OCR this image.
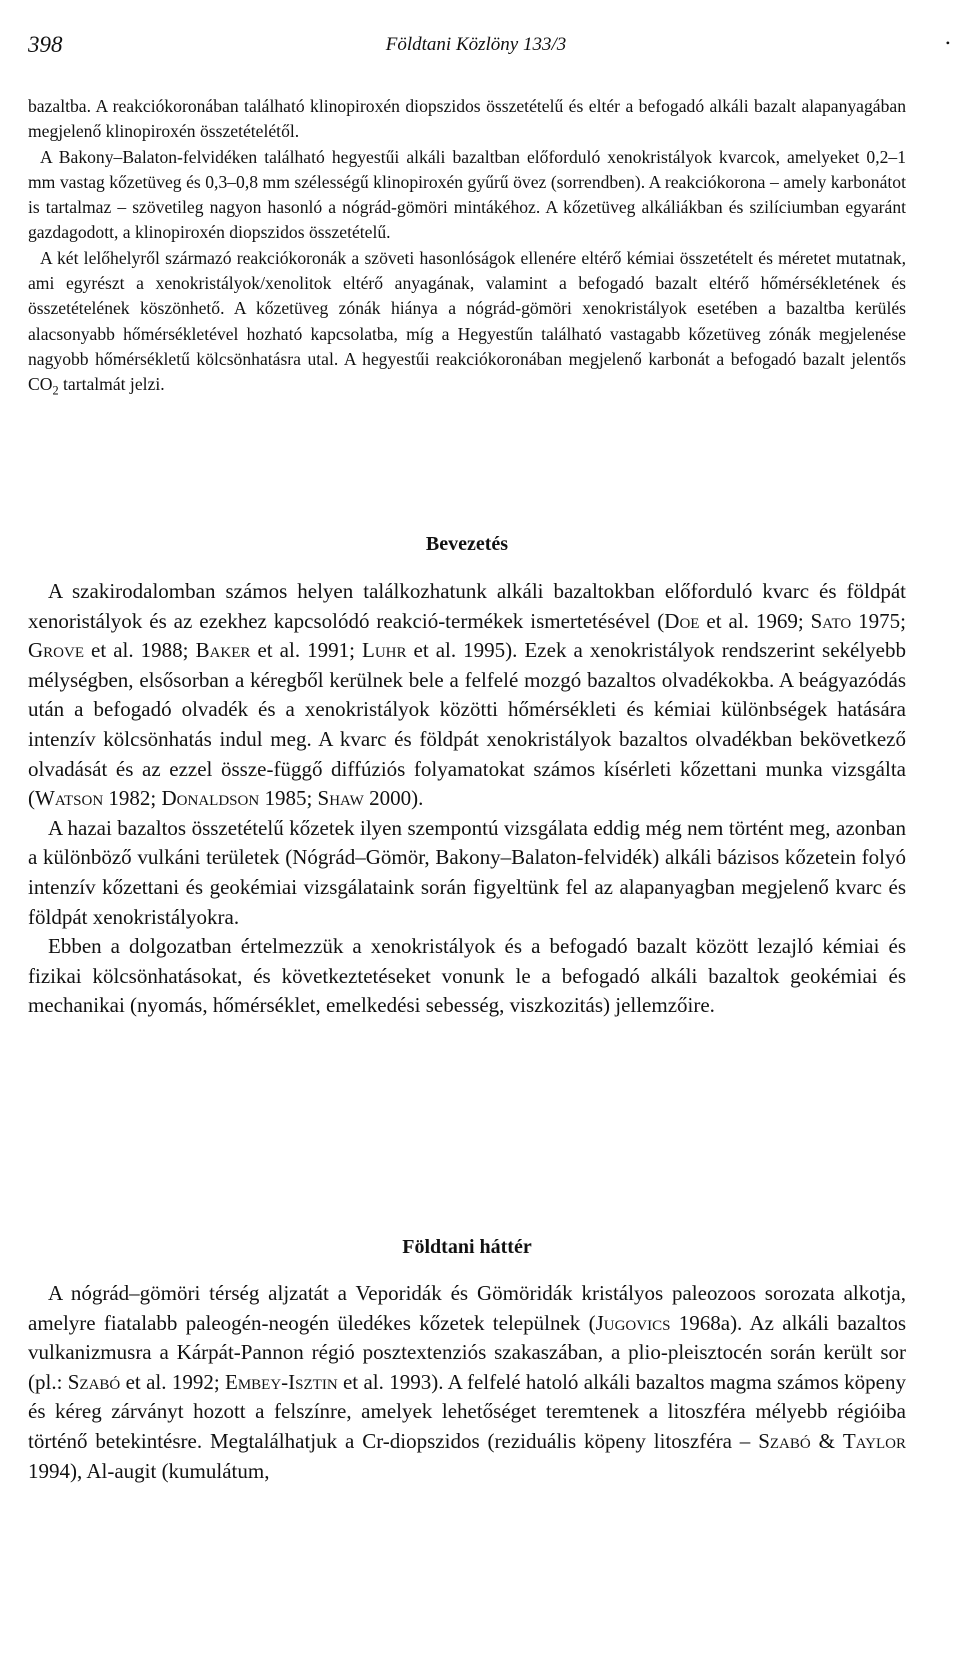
398	Földtani Közlöny 133/3	•

bazaltba. A reakciókoronában található klinopiroxén diopszidos összetételű és eltér a befogadó alkáli bazalt alapanyagában megjelenő klinopiroxén összetételétől.

A Bakony–Balaton-felvidéken található hegyestűi alkáli bazaltban előforduló xenokristályok kvarcok, amelyeket 0,2–1 mm vastag kőzetüveg és 0,3–0,8 mm szélességű klinopiroxén gyűrű övez (sorrendben). A reakciókorona – amely karbonátot is tartalmaz – szövetileg nagyon hasonló a nógrád-gömöri mintákéhoz. A kőzetüveg alkáliákban és szilíciumban egyaránt gazdagodott, a klinopiroxén diopszidos összetételű.

A két lelőhelyről származó reakciókoronák a szöveti hasonlóságok ellenére eltérő kémiai összetételt és méretet mutatnak, ami egyrészt a xenokristályok/xenolitok eltérő anyagának, valamint a befogadó bazalt eltérő hőmérsékletének és összetételének köszönhető. A kőzetüveg zónák hiánya a nógrád-gömöri xenokristályok esetében a bazaltba kerülés alacsonyabb hőmérsékletével hozható kapcsolatba, míg a Hegyestűn található vastagabb kőzetüveg zónák megjelenése nagyobb hőmérsékletű kölcsönhatásra utal. A hegyestűi reakciókoronában megjelenő karbonát a befogadó bazalt jelentős $CO_2$ tartalmát jelzi.

Bevezetés

A szakirodalomban számos helyen találkozhatunk alkáli bazaltokban előforduló kvarc és földpát xenoristályok és az ezekhez kapcsolódó reakció-termékek ismertetésével (Doe et al. 1969; Sato 1975; Grove et al. 1988; Baker et al. 1991; Luhr et al. 1995). Ezek a xenokristályok rendszerint sekélyebb mélységben, elsősorban a kéregből kerülnek bele a felfelé mozgó bazaltos olvadékokba. A beágyazódás után a befogadó olvadék és a xenokristályok közötti hőmérsékleti és kémiai különbségek hatására intenzív kölcsönhatás indul meg. A kvarc és földpát xenokristályok bazaltos olvadékban bekövetkező olvadását és az ezzel össze-függő diffúziós folyamatokat számos kísérleti kőzettani munka vizsgálta (Watson 1982; Donaldson 1985; Shaw 2000).

A hazai bazaltos összetételű kőzetek ilyen szempontú vizsgálata eddig még nem történt meg, azonban a különböző vulkáni területek (Nógrád–Gömör, Bakony–Balaton-felvidék) alkáli bázisos kőzetein folyó intenzív kőzettani és geokémiai vizsgálataink során figyeltünk fel az alapanyagban megjelenő kvarc és földpát xenokristályokra.

Ebben a dolgozatban értelmezzük a xenokristályok és a befogadó bazalt között lezajló kémiai és fizikai kölcsönhatásokat, és következtetéseket vonunk le a befogadó alkáli bazaltok geokémiai és mechanikai (nyomás, hőmérséklet, emelkedési sebesség, viszkozitás) jellemzőire.

Földtani háttér

A nógrád–gömöri térség aljzatát a Veporidák és Gömöridák kristályos paleozoos sorozata alkotja, amelyre fiatalabb paleogén-neogén üledékes kőzetek települnek (Jugovics 1968a). Az alkáli bazaltos vulkanizmusra a Kárpát-Pannon régió posztextenziós szakaszában, a plio-pleisztocén során került sor (pl.: Szabó et al. 1992; Embey-Isztin et al. 1993). A felfelé hatoló alkáli bazaltos magma számos köpeny és kéreg zárványt hozott a felszínre, amelyek lehetőséget teremtenek a litoszféra mélyebb régióiba történő betekintésre. Megtalálhatjuk a Cr-diopszidos (reziduális köpeny litoszféra – Szabó & Taylor 1994), Al-augit (kumulátum,
